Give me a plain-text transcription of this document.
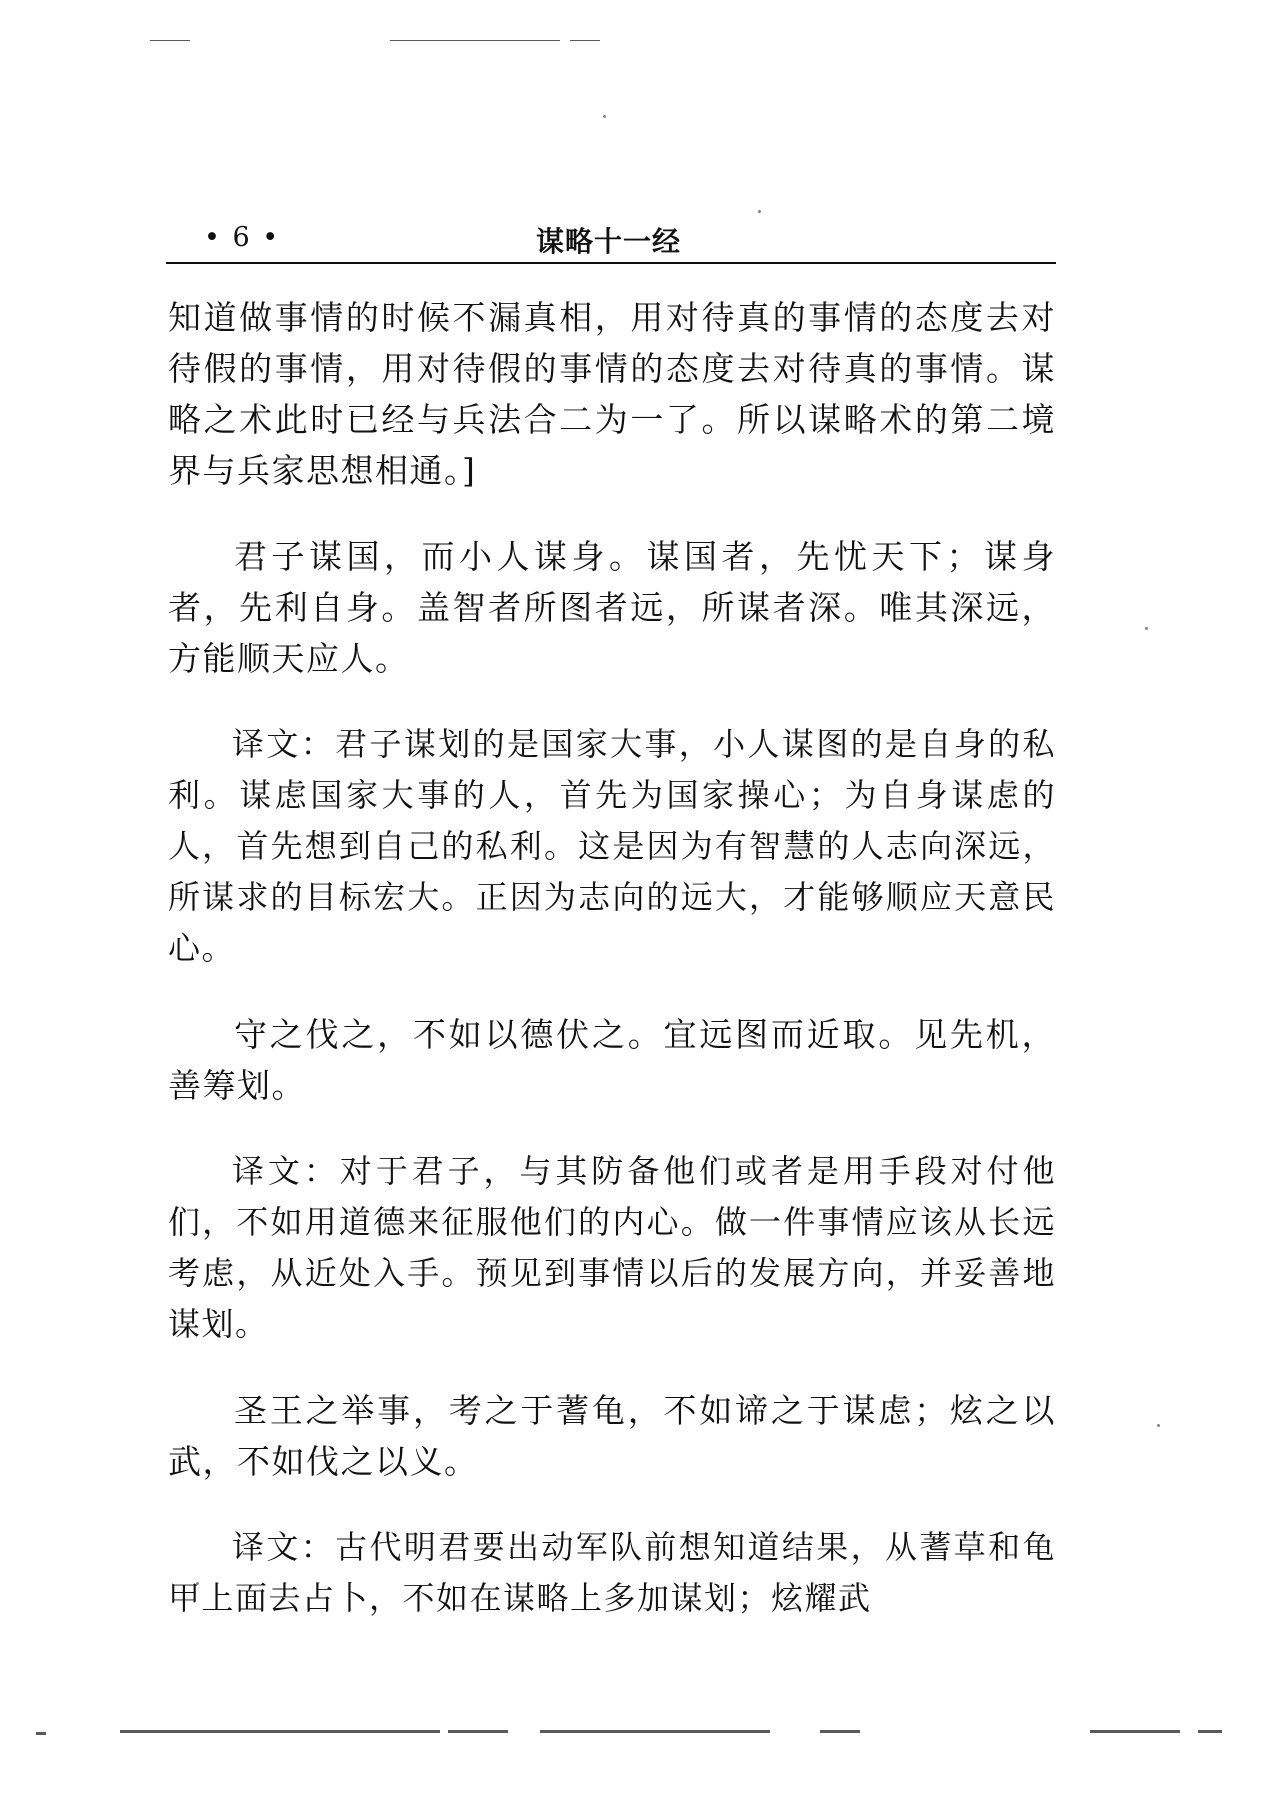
• 6 •	谋略十一经

知道做事情的时候不漏真相，用对待真的事情的态度去对待假的事情，用对待假的事情的态度去对待真的事情。谋略之术此时已经与兵法合二为一了。所以谋略术的第二境界与兵家思想相通。]

君子谋国，而小人谋身。谋国者，先忧天下；谋身者，先利自身。盖智者所图者远，所谋者深。唯其深远，方能顺天应人。

译文：君子谋划的是国家大事，小人谋图的是自身的私利。谋虑国家大事的人，首先为国家操心；为自身谋虑的人，首先想到自己的私利。这是因为有智慧的人志向深远，所谋求的目标宏大。正因为志向的远大，才能够顺应天意民心。

守之伐之，不如以德伏之。宜远图而近取。见先机，善筹划。

译文：对于君子，与其防备他们或者是用手段对付他们，不如用道德来征服他们的内心。做一件事情应该从长远考虑，从近处入手。预见到事情以后的发展方向，并妥善地谋划。

圣王之举事，考之于蓍龟，不如谛之于谋虑；炫之以武，不如伐之以义。

译文：古代明君要出动军队前想知道结果，从蓍草和龟甲上面去占卜，不如在谋略上多加谋划；炫耀武
